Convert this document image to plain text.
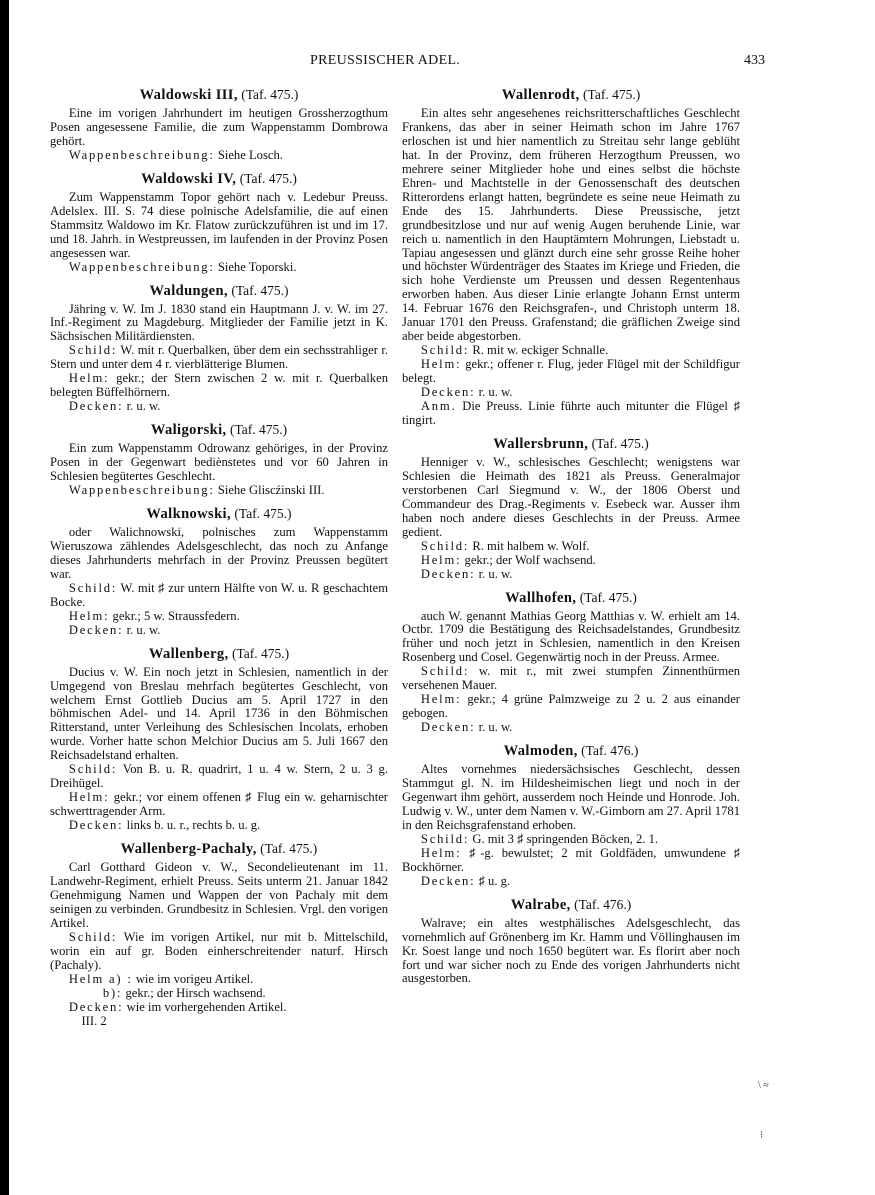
PREUSSISCHER ADEL.	433
Waldowski III, (Taf. 475.)

Eine im vorigen Jahrhundert im heutigen Grossherzogthum Posen angesessene Familie, die zum Wappenstamm Dombrowa gehört.

Wappenbeschreibung: Siehe Losch.

Waldowski IV, (Taf. 475.)

Zum Wappenstamm Topor gehört nach v. Ledebur Preuss. Adelslex. III. S. 74 diese polnische Adelsfamilie, die auf einen Stammsitz Waldowo im Kr. Flatow zurückzuführen ist und im 17. und 18. Jahrh. in Westpreussen, im laufenden in der Provinz Posen angesessen war.

Wappenbeschreibung: Siehe Toporski.

Waldungen, (Taf. 475.)

Jähring v. W. Im J. 1830 stand ein Hauptmann J. v. W. im 27. Inf.-Regiment zu Magdeburg. Mitglieder der Familie jetzt in K. Sächsischen Militärdiensten.

Schild: W. mit r. Querbalken, über dem ein sechsstrahliger r. Stern und unter dem 4 r. vierblätterige Blumen.

Helm: gekr.; der Stern zwischen 2 w. mit r. Querbalken belegten Büffelhörnern.

Decken: r. u. w.

Waligorski, (Taf. 475.)

Ein zum Wappenstamm Odrowanz gehöriges, in der Provinz Posen in der Gegenwart bediènstetes und vor 60 Jahren in Schlesien begütertes Geschlecht.

Wappenbeschreibung: Siehe Gliscźinski III.

Walknowski, (Taf. 475.)

oder Walichnowski, polnisches zum Wappenstamm Wieruszowa zählendes Adelsgeschlecht, das noch zu Anfange dieses Jahrhunderts mehrfach in der Provinz Preussen begütert war.

Schild: W. mit ♯ zur untern Hälfte von W. u. R geschachtem Bocke.

Helm: gekr.; 5 w. Straussfedern.

Decken: r. u. w.

Wallenberg, (Taf. 475.)

Ducius v. W. Ein noch jetzt in Schlesien, namentlich in der Umgegend von Breslau mehrfach begütertes Geschlecht, von welchem Ernst Gottlieb Ducius am 5. April 1727 in den böhmischen Adel- und 14. April 1736 in den Böhmischen Ritterstand, unter Verleihung des Schlesischen Incolats, erhoben wurde. Vorher hatte schon Melchior Ducius am 5. Juli 1667 den Reichsadelstand erhalten.

Schild: Von B. u. R. quadrirt, 1 u. 4 w. Stern, 2 u. 3 g. Dreihügel.

Helm: gekr.; vor einem offenen ♯ Flug ein w. geharnischter schwerttragender Arm.

Decken: links b. u. r., rechts b. u. g.

Wallenberg-Pachaly, (Taf. 475.)

Carl Gotthard Gideon v. W., Secondelieutenant im 11. Landwehr-Regiment, erhielt Preuss. Seits unterm 21. Januar 1842 Genehmigung Namen und Wappen der von Pachaly mit dem seinigen zu verbinden. Grundbesitz in Schlesien. Vrgl. den vorigen Artikel.

Schild: Wie im vorigen Artikel, nur mit b. Mittelschild, worin ein auf gr. Boden einherschreitender naturf. Hirsch (Pachaly).

Helm a) : wie im vorigeu Artikel.

b): gekr.; der Hirsch wachsend.

Decken: wie im vorhergehenden Artikel.

III. 2

Wallenrodt, (Taf. 475.)

Ein altes sehr angesehenes reichsritterschaftliches Geschlecht Frankens, das aber in seiner Heimath schon im Jahre 1767 erloschen ist und hier namentlich zu Streitau sehr lange geblüht hat. In der Provinz, dem früheren Herzogthum Preussen, wo mehrere seiner Mitglieder hohe und eines selbst die höchste Ehren- und Machtstelle in der Genossenschaft des deutschen Ritterordens erlangt hatten, begründete es seine neue Heimath zu Ende des 15. Jahrhunderts. Diese Preussische, jetzt grundbesitzlose und nur auf wenig Augen beruhende Linie, war reich u. namentlich in den Hauptämtern Mohrungen, Liebstadt u. Tapiau angesessen und glänzt durch eine sehr grosse Reihe hoher und höchster Würdenträger des Staates im Kriege und Frieden, die sich hohe Verdienste um Preussen und dessen Regentenhaus erworben haben. Aus dieser Linie erlangte Johann Ernst unterm 14. Februar 1676 den Reichsgrafen-, und Christoph unterm 18. Januar 1701 den Preuss. Grafenstand; die gräflichen Zweige sind aber beide abgestorben.

Schild: R. mit w. eckiger Schnalle.

Helm: gekr.; offener r. Flug, jeder Flügel mit der Schildfigur belegt.

Decken: r. u. w.

Anm. Die Preuss. Linie führte auch mitunter die Flügel ♯ tingirt.

Wallersbrunn, (Taf. 475.)

Henniger v. W., schlesisches Geschlecht; wenigstens war Schlesien die Heimath des 1821 als Preuss. Generalmajor verstorbenen Carl Siegmund v. W., der 1806 Oberst und Commandeur des Drag.-Regiments v. Esebeck war. Ausser ihm haben noch andere dieses Geschlechts in der Preuss. Armee gedient.

Schild: R. mit halbem w. Wolf.

Helm: gekr.; der Wolf wachsend.

Decken: r. u. w.

Wallhofen, (Taf. 475.)

auch W. genannt Mathias Georg Matthias v. W. erhielt am 14. Octbr. 1709 die Bestätigung des Reichsadelstandes, Grundbesitz früher und noch jetzt in Schlesien, namentlich in den Kreisen Rosenberg und Cosel. Gegenwärtig noch in der Preuss. Armee.

Schild: w. mit r., mit zwei stumpfen Zinnenthürmen versehenen Mauer.

Helm: gekr.; 4 grüne Palmzweige zu 2 u. 2 aus einander gebogen.

Decken: r. u. w.

Walmoden, (Taf. 476.)

Altes vornehmes niedersächsisches Geschlecht, dessen Stammgut gl. N. im Hildesheimischen liegt und noch in der Gegenwart ihm gehört, ausserdem noch Heinde und Honrode. Joh. Ludwig v. W., unter dem Namen v. W.-Gimborn am 27. April 1781 in den Reichsgrafenstand erhoben.

Schild: G. mit 3 ♯ springenden Böcken, 2. 1.

Helm: ♯-g. bewulstet; 2 mit Goldfäden, umwundene ♯ Bockhörner.

Decken: ♯ u. g.

Walrabe, (Taf. 476.)

Walrave; ein altes westphälisches Adelsgeschlecht, das vornehmlich auf Grönenberg im Kr. Hamm und Völlinghausen im Kr. Soest lange und noch 1650 begütert war. Es florirt aber noch fort und war sicher noch zu Ende des vorigen Jahrhunderts nicht ausgestorben.

\ ≈
⁝
